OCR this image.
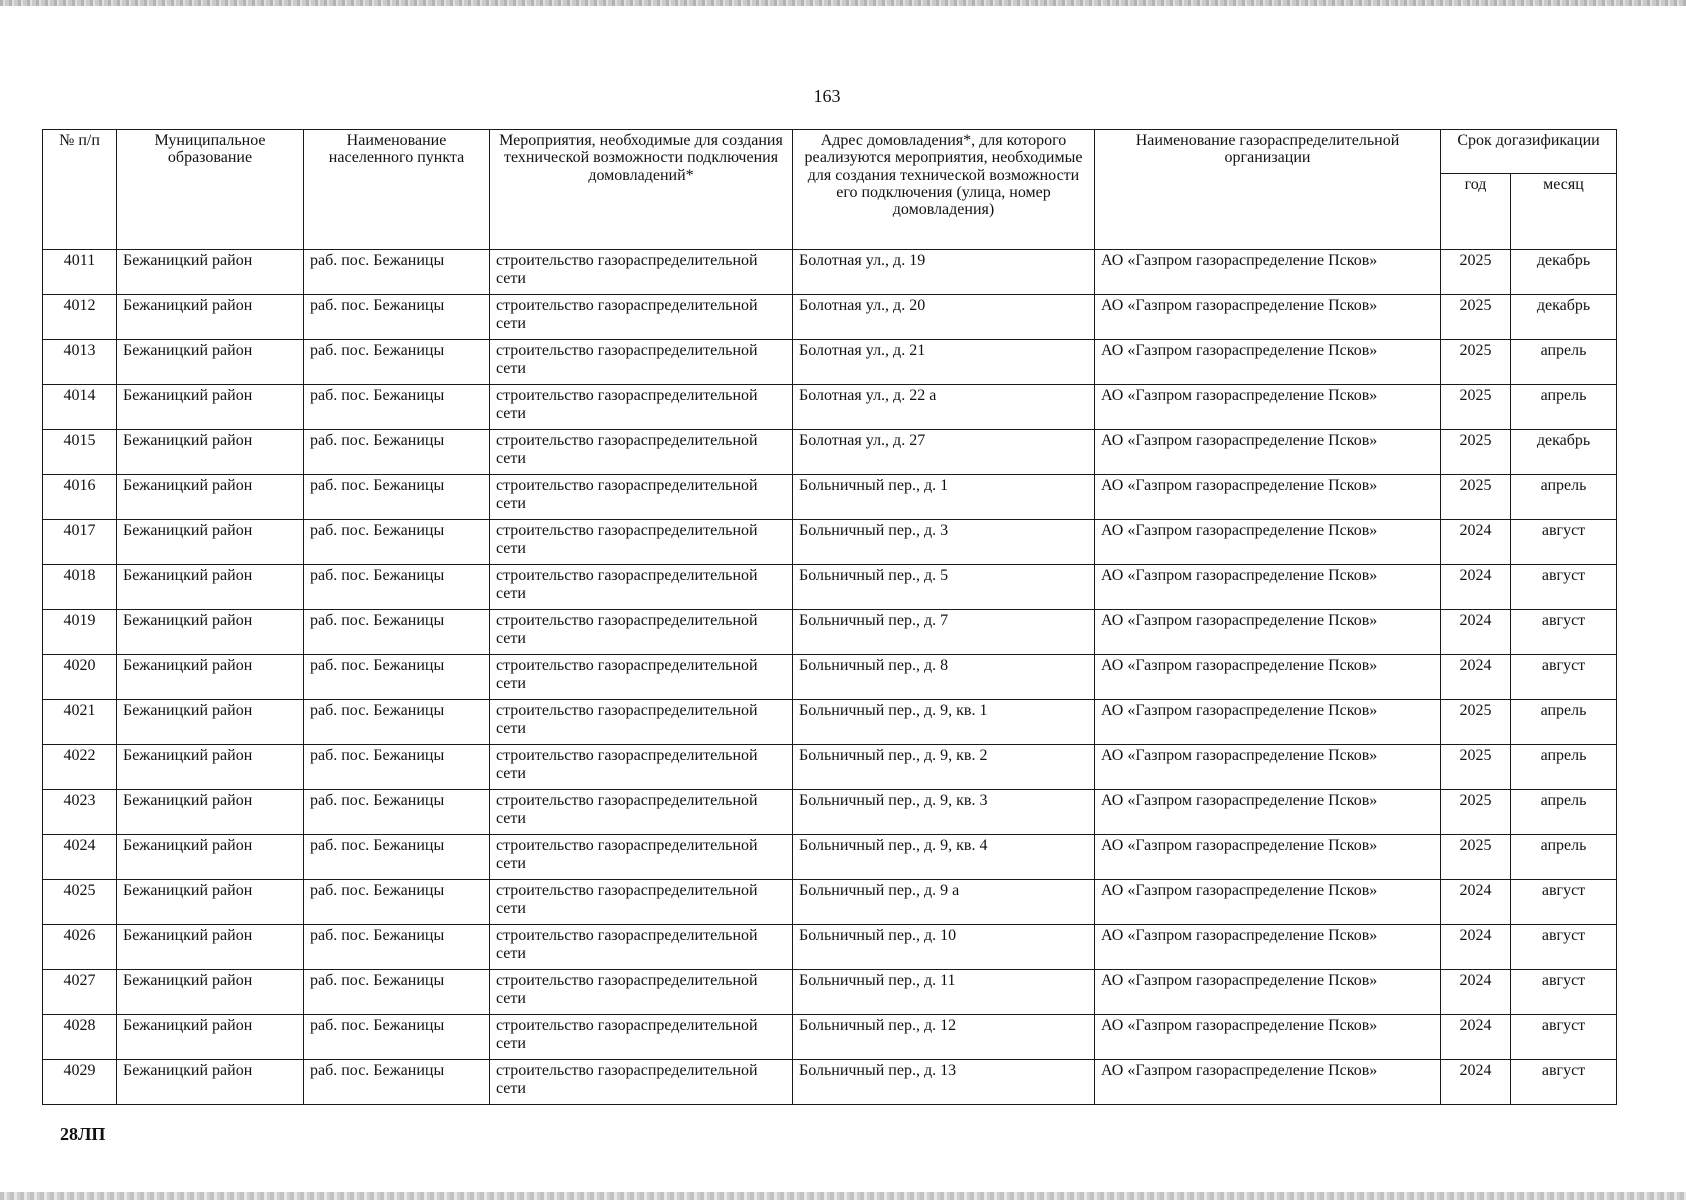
163
№ п/п	Муниципальное образование	Наименование населенного пункта	Мероприятия, необходимые для создания технической возможности подключения домовладений*	Адрес домовладения*, для которого реализуются мероприятия, необходимые для создания технической возможности его подключения (улица, номер домовладения)	Наименование газораспределительной организации	Срок догазификации	
						год	месяц
4011	Бежаницкий район	раб. пос. Бежаницы	строительство газораспределительной сети	Болотная ул., д. 19	АО «Газпром газораспределение Псков»	2025	декабрь
4012	Бежаницкий район	раб. пос. Бежаницы	строительство газораспределительной сети	Болотная ул., д. 20	АО «Газпром газораспределение Псков»	2025	декабрь
4013	Бежаницкий район	раб. пос. Бежаницы	строительство газораспределительной сети	Болотная ул., д. 21	АО «Газпром газораспределение Псков»	2025	апрель
4014	Бежаницкий район	раб. пос. Бежаницы	строительство газораспределительной сети	Болотная ул., д. 22 а	АО «Газпром газораспределение Псков»	2025	апрель
4015	Бежаницкий район	раб. пос. Бежаницы	строительство газораспределительной сети	Болотная ул., д. 27	АО «Газпром газораспределение Псков»	2025	декабрь
4016	Бежаницкий район	раб. пос. Бежаницы	строительство газораспределительной сети	Больничный пер., д. 1	АО «Газпром газораспределение Псков»	2025	апрель
4017	Бежаницкий район	раб. пос. Бежаницы	строительство газораспределительной сети	Больничный пер., д. 3	АО «Газпром газораспределение Псков»	2024	август
4018	Бежаницкий район	раб. пос. Бежаницы	строительство газораспределительной сети	Больничный пер., д. 5	АО «Газпром газораспределение Псков»	2024	август
4019	Бежаницкий район	раб. пос. Бежаницы	строительство газораспределительной сети	Больничный пер., д. 7	АО «Газпром газораспределение Псков»	2024	август
4020	Бежаницкий район	раб. пос. Бежаницы	строительство газораспределительной сети	Больничный пер., д. 8	АО «Газпром газораспределение Псков»	2024	август
4021	Бежаницкий район	раб. пос. Бежаницы	строительство газораспределительной сети	Больничный пер., д. 9, кв. 1	АО «Газпром газораспределение Псков»	2025	апрель
4022	Бежаницкий район	раб. пос. Бежаницы	строительство газораспределительной сети	Больничный пер., д. 9, кв. 2	АО «Газпром газораспределение Псков»	2025	апрель
4023	Бежаницкий район	раб. пос. Бежаницы	строительство газораспределительной сети	Больничный пер., д. 9, кв. 3	АО «Газпром газораспределение Псков»	2025	апрель
4024	Бежаницкий район	раб. пос. Бежаницы	строительство газораспределительной сети	Больничный пер., д. 9, кв. 4	АО «Газпром газораспределение Псков»	2025	апрель
4025	Бежаницкий район	раб. пос. Бежаницы	строительство газораспределительной сети	Больничный пер., д. 9 а	АО «Газпром газораспределение Псков»	2024	август
4026	Бежаницкий район	раб. пос. Бежаницы	строительство газораспределительной сети	Больничный пер., д. 10	АО «Газпром газораспределение Псков»	2024	август
4027	Бежаницкий район	раб. пос. Бежаницы	строительство газораспределительной сети	Больничный пер., д. 11	АО «Газпром газораспределение Псков»	2024	август
4028	Бежаницкий район	раб. пос. Бежаницы	строительство газораспределительной сети	Больничный пер., д. 12	АО «Газпром газораспределение Псков»	2024	август
4029	Бежаницкий район	раб. пос. Бежаницы	строительство газораспределительной сети	Больничный пер., д. 13	АО «Газпром газораспределение Псков»	2024	август
28ЛП
